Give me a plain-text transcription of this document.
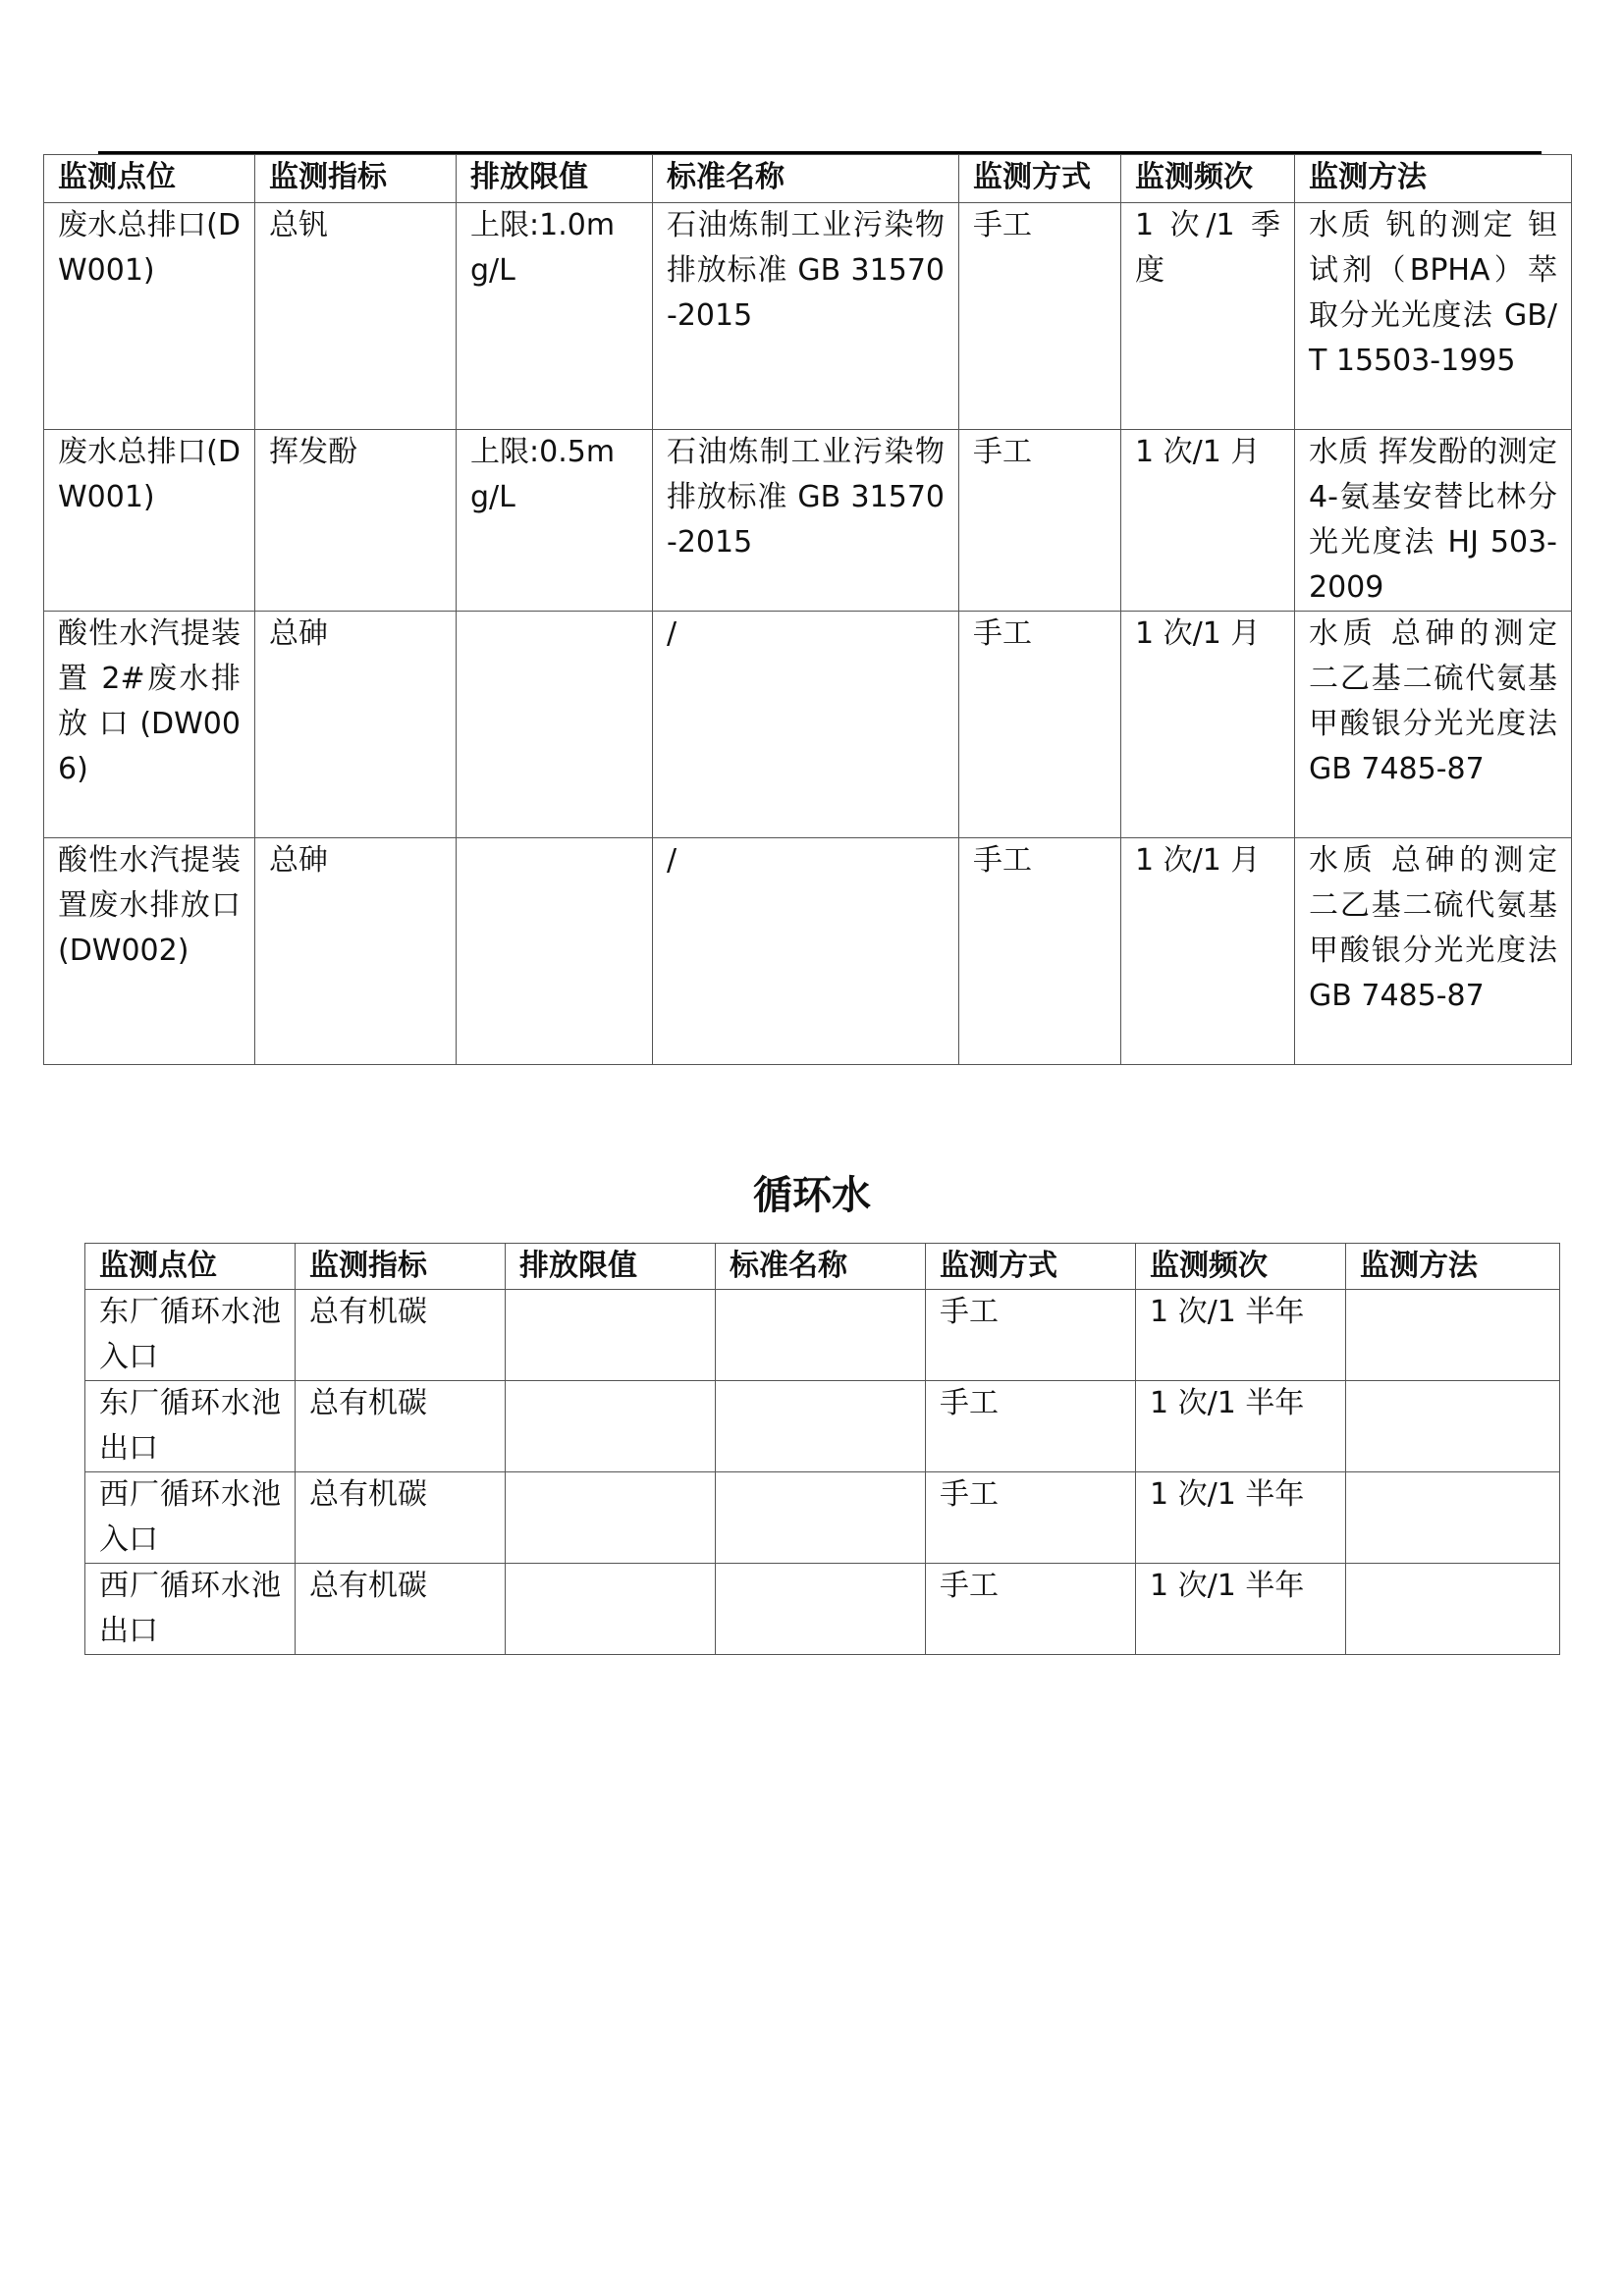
监测点位	监测指标	排放限值	标准名称	监测方式	监测频次	监测方法
废水总排口(DW001)	总钒	上限:1.0mg/L	石油炼制工业污染物排放标准 GB 31570-2015	手工	1 次/1 季度	水质 钒的测定 钽试剂（BPHA）萃取分光光度法 GB/T 15503-1995
废水总排口(DW001)	挥发酚	上限:0.5mg/L	石油炼制工业污染物排放标准 GB 31570-2015	手工	1 次/1 月	水质 挥发酚的测定 4-氨基安替比林分光光度法 HJ 503-2009
酸性水汽提装置 2#废水排放口(DW006)	总砷		/	手工	1 次/1 月	水质 总砷的测定 二乙基二硫代氨基甲酸银分光光度法 GB 7485-87
酸性水汽提装置废水排放口(DW002)	总砷		/	手工	1 次/1 月	水质 总砷的测定 二乙基二硫代氨基甲酸银分光光度法 GB 7485-87
循环水
监测点位	监测指标	排放限值	标准名称	监测方式	监测频次	监测方法
东厂循环水池入口	总有机碳			手工	1 次/1 半年	
东厂循环水池出口	总有机碳			手工	1 次/1 半年	
西厂循环水池入口	总有机碳			手工	1 次/1 半年	
西厂循环水池出口	总有机碳			手工	1 次/1 半年	
